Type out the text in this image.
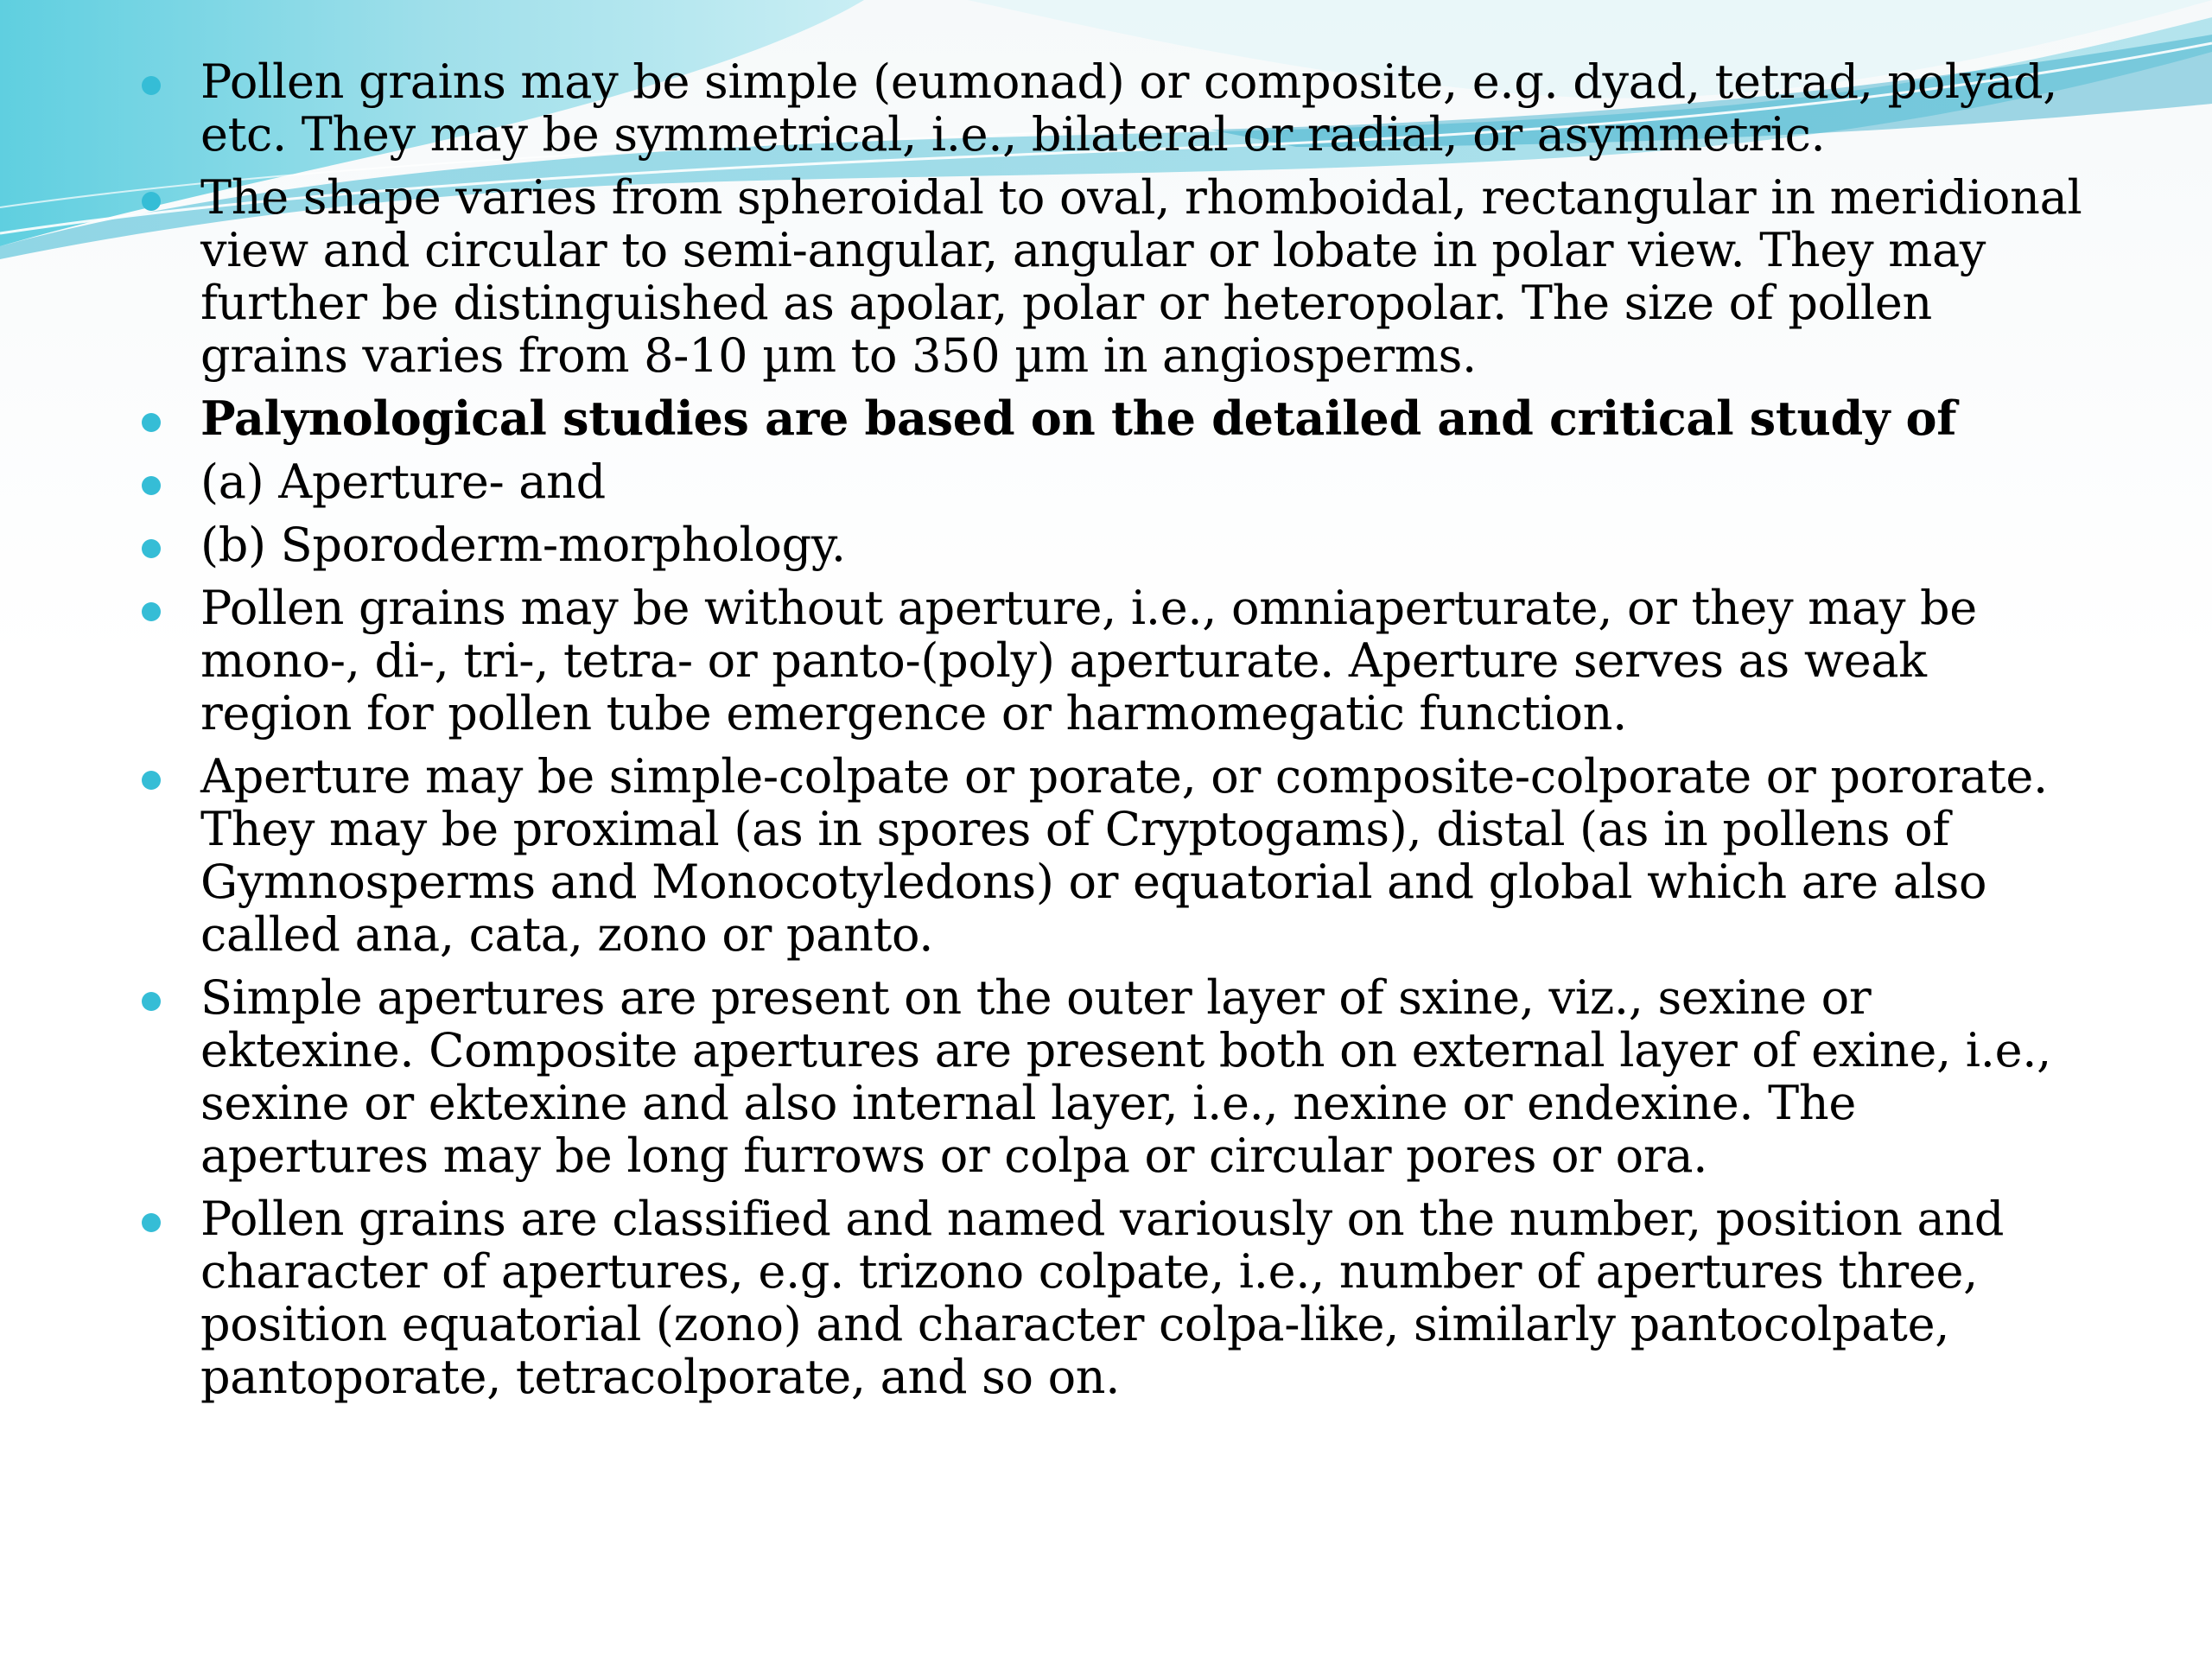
Pollen grains may be simple (eumonad) or composite, e.g. dyad, tetrad, polyad, etc. They may be symmetrical, i.e., bilateral or radial, or asymmetric.
The shape varies from spheroidal to oval, rhomboidal, rectangular in meridional view and circular to semi-angular, angular or lobate in polar view. They may further be distinguished as apolar, polar or heteropolar. The size of pollen grains varies from 8-10 µm to 350 µm in angiosperms.
Palynological studies are based on the detailed and critical study of
(a) Aperture- and
(b) Sporoderm-morphology.
Pollen grains may be without aperture, i.e., omniaperturate, or they may be mono-, di-, tri-, tetra- or panto-(poly) aperturate. Aperture serves as weak region for pollen tube emergence or harmomegatic function.
Aperture may be simple-colpate or porate, or composite-colporate or pororate. They may be proximal (as in spores of Cryptogams), distal (as in pollens of Gymnosperms and Monocotyledons) or equatorial and global which are also called ana, cata, zono or panto.
Simple apertures are present on the outer layer of sxine, viz., sexine or ektexine. Composite apertures are present both on external layer of exine, i.e., sexine or ektexine and also internal layer, i.e., nexine or endexine. The apertures may be long furrows or colpa or circular pores or ora.
Pollen grains are classified and named variously on the number, position and character of apertures, e.g. trizono colpate, i.e., number of apertures three, position equatorial (zono) and character colpa-like, similarly pantocolpate, pantoporate, tetracolporate, and so on.
